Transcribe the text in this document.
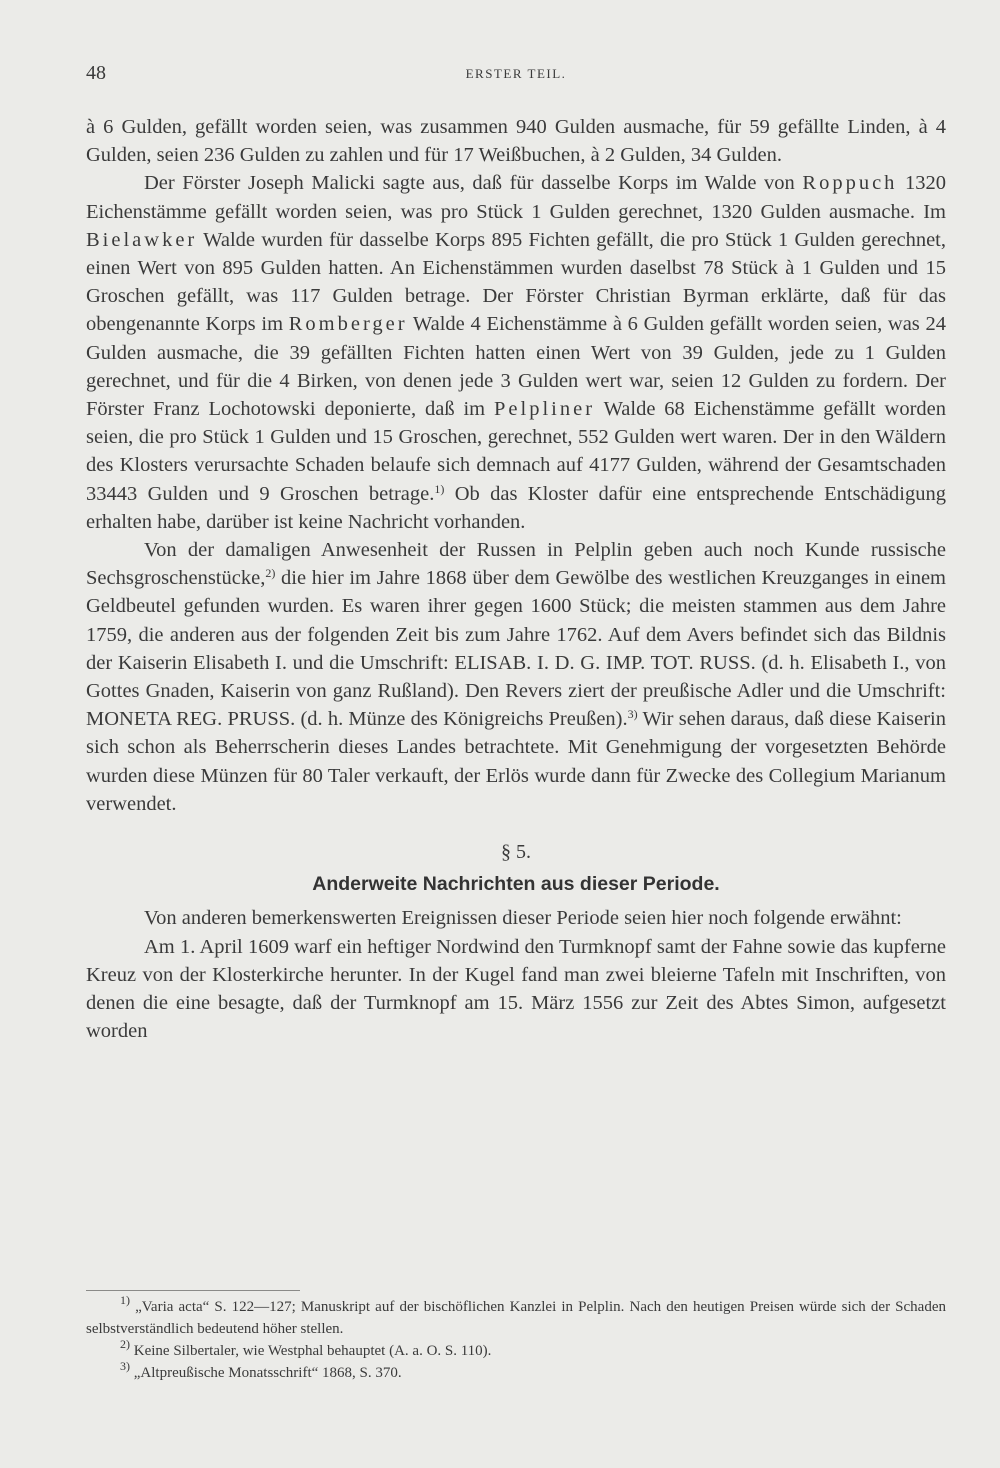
48	ERSTER TEIL.

à 6 Gulden, gefällt worden seien, was zusammen 940 Gulden ausmache, für 59 gefällte Linden, à 4 Gulden, seien 236 Gulden zu zahlen und für 17 Weißbuchen, à 2 Gulden, 34 Gulden.

Der Förster Joseph Malicki sagte aus, daß für dasselbe Korps im Walde von Roppuch 1320 Eichenstämme gefällt worden seien, was pro Stück 1 Gulden gerechnet, 1320 Gulden ausmache. Im Bielawker Walde wurden für dasselbe Korps 895 Fichten gefällt, die pro Stück 1 Gulden gerechnet, einen Wert von 895 Gulden hatten. An Eichenstämmen wurden daselbst 78 Stück à 1 Gulden und 15 Groschen gefällt, was 117 Gulden betrage. Der Förster Christian Byrman erklärte, daß für das obengenannte Korps im Romberger Walde 4 Eichenstämme à 6 Gulden gefällt worden seien, was 24 Gulden ausmache, die 39 gefällten Fichten hatten einen Wert von 39 Gulden, jede zu 1 Gulden gerechnet, und für die 4 Birken, von denen jede 3 Gulden wert war, seien 12 Gulden zu fordern. Der Förster Franz Lochotowski deponierte, daß im Pelpliner Walde 68 Eichenstämme gefällt worden seien, die pro Stück 1 Gulden und 15 Groschen, gerechnet, 552 Gulden wert waren. Der in den Wäldern des Klosters verursachte Schaden belaufe sich demnach auf 4177 Gulden, während der Gesamtschaden 33443 Gulden und 9 Groschen betrage.$^{1)}$ Ob das Kloster dafür eine entsprechende Entschädigung erhalten habe, darüber ist keine Nachricht vorhanden.

Von der damaligen Anwesenheit der Russen in Pelplin geben auch noch Kunde russische Sechsgroschenstücke,$^{2)}$ die hier im Jahre 1868 über dem Gewölbe des westlichen Kreuzganges in einem Geldbeutel gefunden wurden. Es waren ihrer gegen 1600 Stück; die meisten stammen aus dem Jahre 1759, die anderen aus der folgenden Zeit bis zum Jahre 1762. Auf dem Avers befindet sich das Bildnis der Kaiserin Elisabeth I. und die Umschrift: ELISAB. I. D. G. IMP. TOT. RUSS. (d. h. Elisabeth I., von Gottes Gnaden, Kaiserin von ganz Rußland). Den Revers ziert der preußische Adler und die Umschrift: MONETA REG. PRUSS. (d. h. Münze des Königreichs Preußen).$^{3)}$ Wir sehen daraus, daß diese Kaiserin sich schon als Beherrscherin dieses Landes betrachtete. Mit Genehmigung der vorgesetzten Behörde wurden diese Münzen für 80 Taler verkauft, der Erlös wurde dann für Zwecke des Collegium Marianum verwendet.

§ 5.
Anderweite Nachrichten aus dieser Periode.

Von anderen bemerkenswerten Ereignissen dieser Periode seien hier noch folgende erwähnt:

Am 1. April 1609 warf ein heftiger Nordwind den Turmknopf samt der Fahne sowie das kupferne Kreuz von der Klosterkirche herunter. In der Kugel fand man zwei bleierne Tafeln mit Inschriften, von denen die eine besagte, daß der Turmknopf am 15. März 1556 zur Zeit des Abtes Simon, aufgesetzt worden

$^{1)}$ „Varia acta“ S. 122—127; Manuskript auf der bischöflichen Kanzlei in Pelplin. Nach den heutigen Preisen würde sich der Schaden selbstverständlich bedeutend höher stellen.

$^{2)}$ Keine Silbertaler, wie Westphal behauptet (A. a. O. S. 110).

$^{3)}$ „Altpreußische Monatsschrift“ 1868, S. 370.
